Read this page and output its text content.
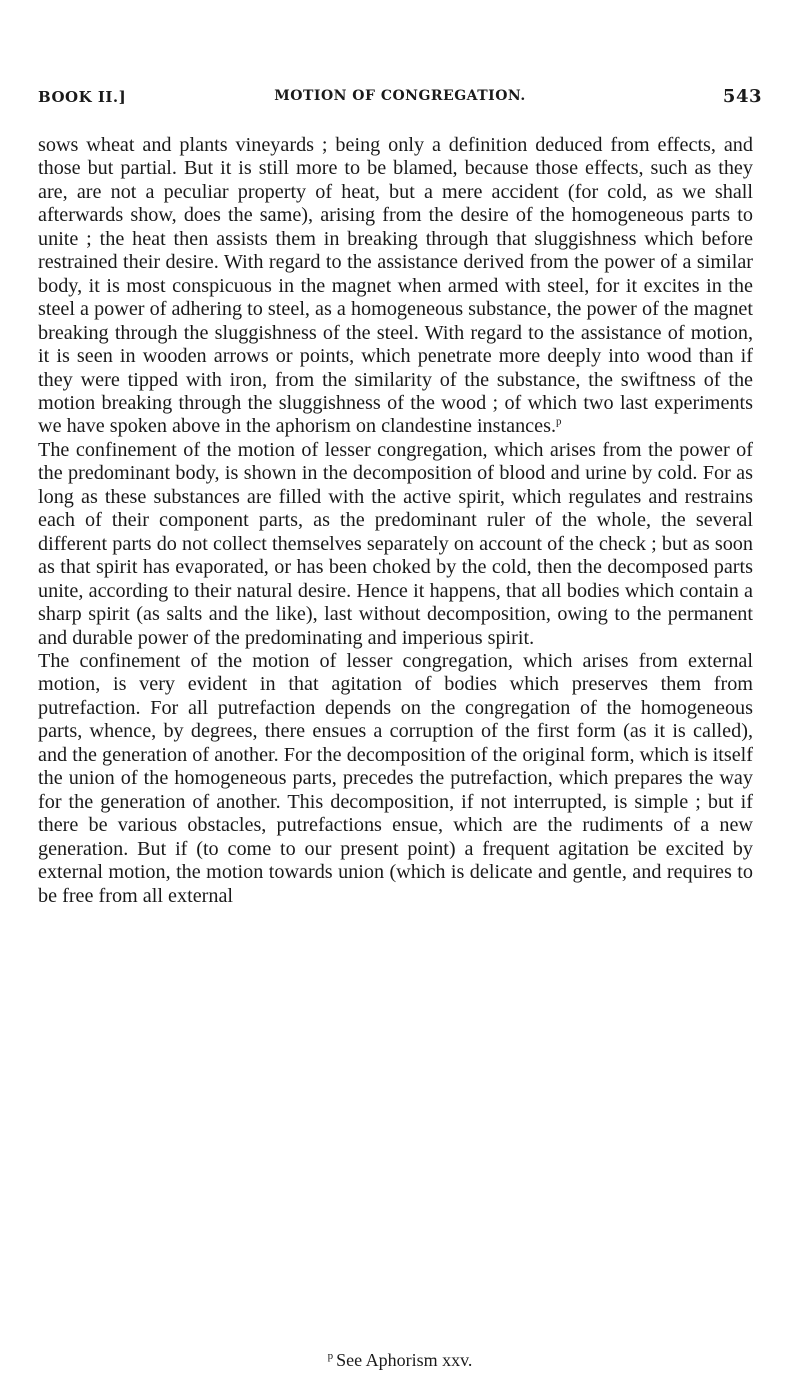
BOOK II.]	MOTION OF CONGREGATION.	543

sows wheat and plants vineyards ; being only a definition deduced from effects, and those but partial. But it is still more to be blamed, because those effects, such as they are, are not a peculiar property of heat, but a mere accident (for cold, as we shall afterwards show, does the same), arising from the desire of the homogeneous parts to unite ; the heat then assists them in breaking through that sluggishness which before restrained their desire. With regard to the assistance derived from the power of a similar body, it is most conspicuous in the magnet when armed with steel, for it excites in the steel a power of adhering to steel, as a homogeneous substance, the power of the magnet breaking through the sluggishness of the steel. With regard to the assistance of motion, it is seen in wooden arrows or points, which penetrate more deeply into wood than if they were tipped with iron, from the similarity of the substance, the swiftness of the motion breaking through the sluggishness of the wood ; of which two last experiments we have spoken above in the aphorism on clandestine instances.$^p$

The confinement of the motion of lesser congregation, which arises from the power of the predominant body, is shown in the decomposition of blood and urine by cold. For as long as these substances are filled with the active spirit, which regulates and restrains each of their component parts, as the predominant ruler of the whole, the several different parts do not collect themselves separately on account of the check ; but as soon as that spirit has evaporated, or has been choked by the cold, then the decomposed parts unite, according to their natural desire. Hence it happens, that all bodies which contain a sharp spirit (as salts and the like), last without decomposition, owing to the permanent and durable power of the predominating and imperious spirit.

The confinement of the motion of lesser congregation, which arises from external motion, is very evident in that agitation of bodies which preserves them from putrefaction. For all putrefaction depends on the congregation of the homogeneous parts, whence, by degrees, there ensues a corruption of the first form (as it is called), and the generation of another. For the decomposition of the original form, which is itself the union of the homogeneous parts, precedes the putrefaction, which prepares the way for the generation of another. This decomposition, if not interrupted, is simple ; but if there be various obstacles, putrefactions ensue, which are the rudiments of a new generation. But if (to come to our present point) a frequent agitation be excited by external motion, the motion towards union (which is delicate and gentle, and requires to be free from all external

$^p$ See Aphorism xxv.
